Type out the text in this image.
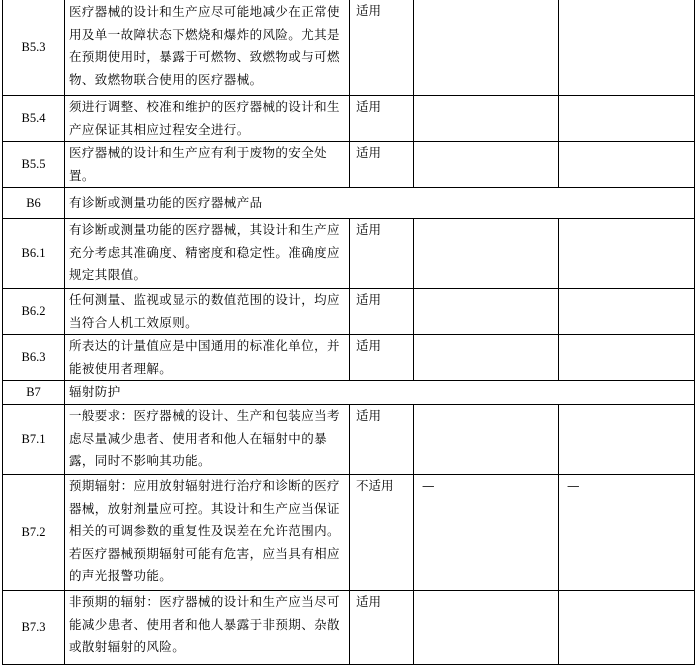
B5.3	医疗器械的设计和生产应尽可能地减少在正常使用及单一故障状态下燃烧和爆炸的风险。尤其是在预期使用时，暴露于可燃物、致燃物或与可燃物、致燃物联合使用的医疗器械。	适用		
B5.4	须进行调整、校准和维护的医疗器械的设计和生产应保证其相应过程安全进行。	适用		
B5.5	医疗器械的设计和生产应有利于废物的安全处置。	适用		
B6	有诊断或测量功能的医疗器械产品			
B6.1	有诊断或测量功能的医疗器械，其设计和生产应充分考虑其准确度、精密度和稳定性。准确度应规定其限值。	适用		
B6.2	任何测量、监视或显示的数值范围的设计，均应当符合人机工效原则。	适用		
B6.3	所表达的计量值应是中国通用的标准化单位，并能被使用者理解。	适用		
B7	辐射防护			
B7.1	一般要求：医疗器械的设计、生产和包装应当考虑尽量减少患者、使用者和他人在辐射中的暴露，同时不影响其功能。	适用		
B7.2	预期辐射：应用放射辐射进行治疗和诊断的医疗器械，放射剂量应可控。其设计和生产应当保证相关的可调参数的重复性及误差在允许范围内。若医疗器械预期辐射可能有危害，应当具有相应的声光报警功能。	不适用	—	—
B7.3	非预期的辐射：医疗器械的设计和生产应当尽可能减少患者、使用者和他人暴露于非预期、杂散或散射辐射的风险。	适用		
